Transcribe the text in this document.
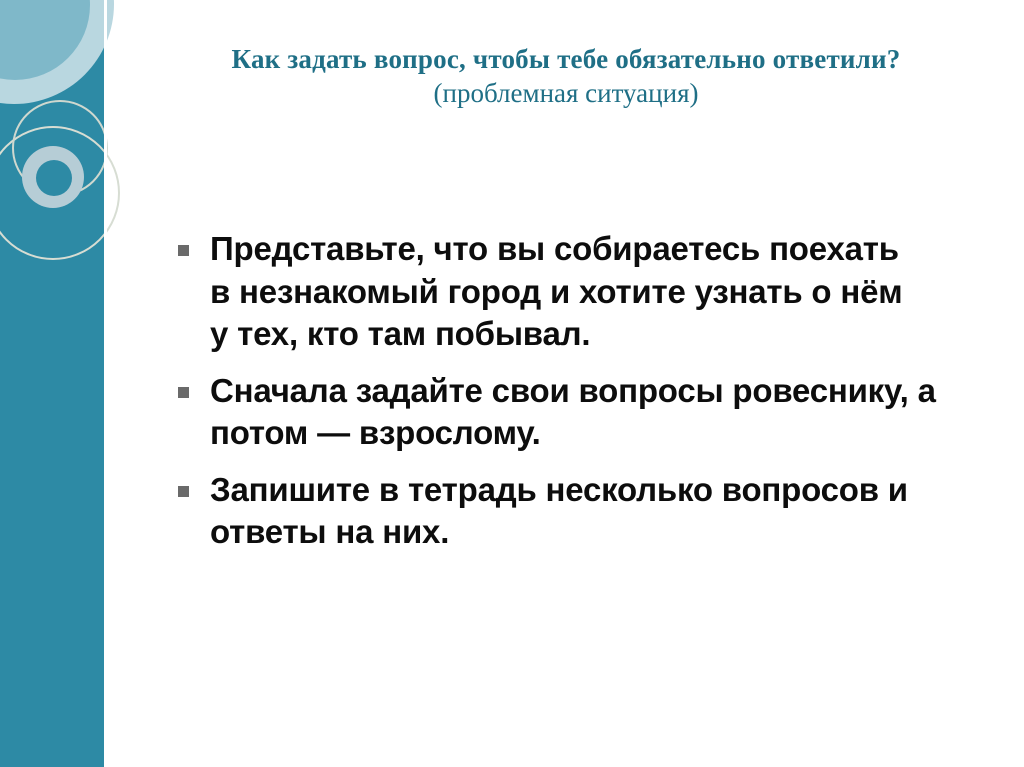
Как задать вопрос, чтобы тебе обязательно ответили?
(проблемная ситуация)
Представьте, что вы собираетесь поехать в незнакомый город и хотите узнать о нём у тех, кто там побывал.
Сначала задайте свои вопросы ровеснику, а потом — взрослому.
Запишите в тетрадь несколько вопросов и ответы на них.
